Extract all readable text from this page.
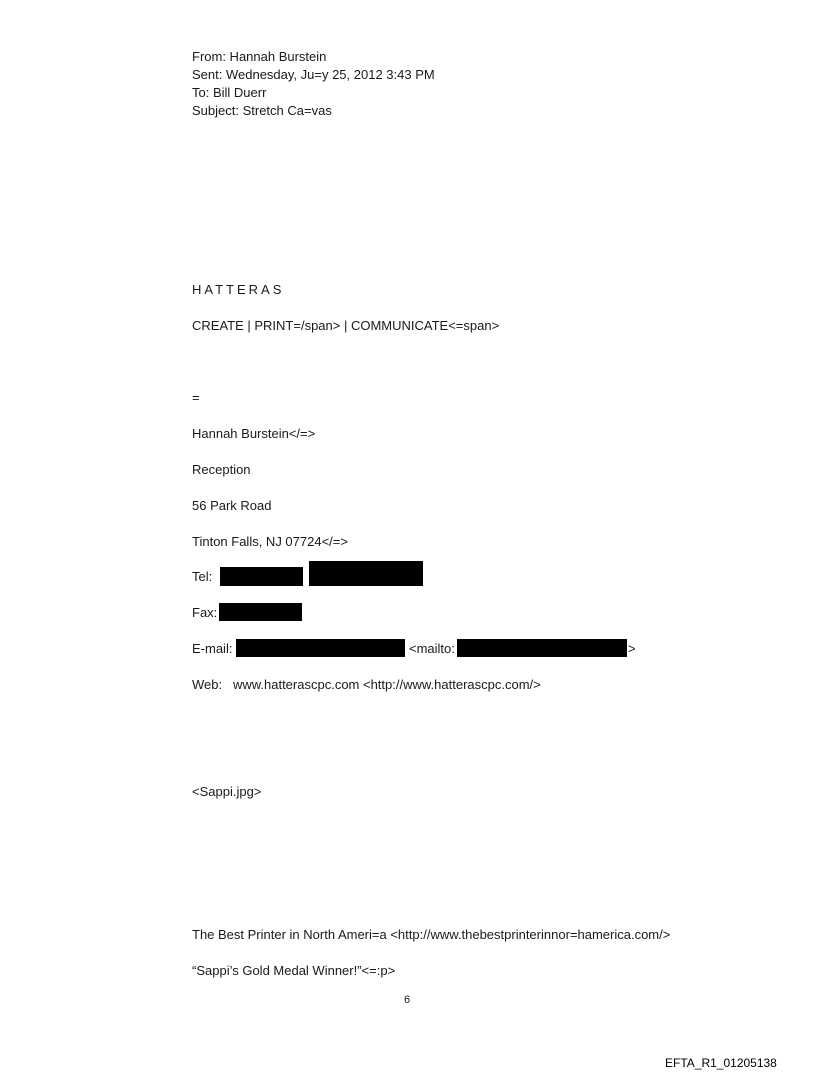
From: Hannah Burstein
Sent: Wednesday, Ju=y 25, 2012 3:43 PM
To: Bill Duerr
Subject: Stretch Ca=vas
HATTERAS
CREATE | PRINT=/span> | COMMUNICATE<=span>
=
Hannah Burstein</=>
Reception
56 Park Road
Tinton Falls, NJ 07724</=>
Tel:
Fax:
E-mail:	<mailto:	>
Web:   www.hatterascpc.com <http://www.hatterascpc.com/>
<Sappi.jpg>
The Best Printer in North Ameri=a <http://www.thebestprinterinnor=hamerica.com/>
“Sappi’s Gold Medal Winner!”<=:p>
6
EFTA_R1_01205138
